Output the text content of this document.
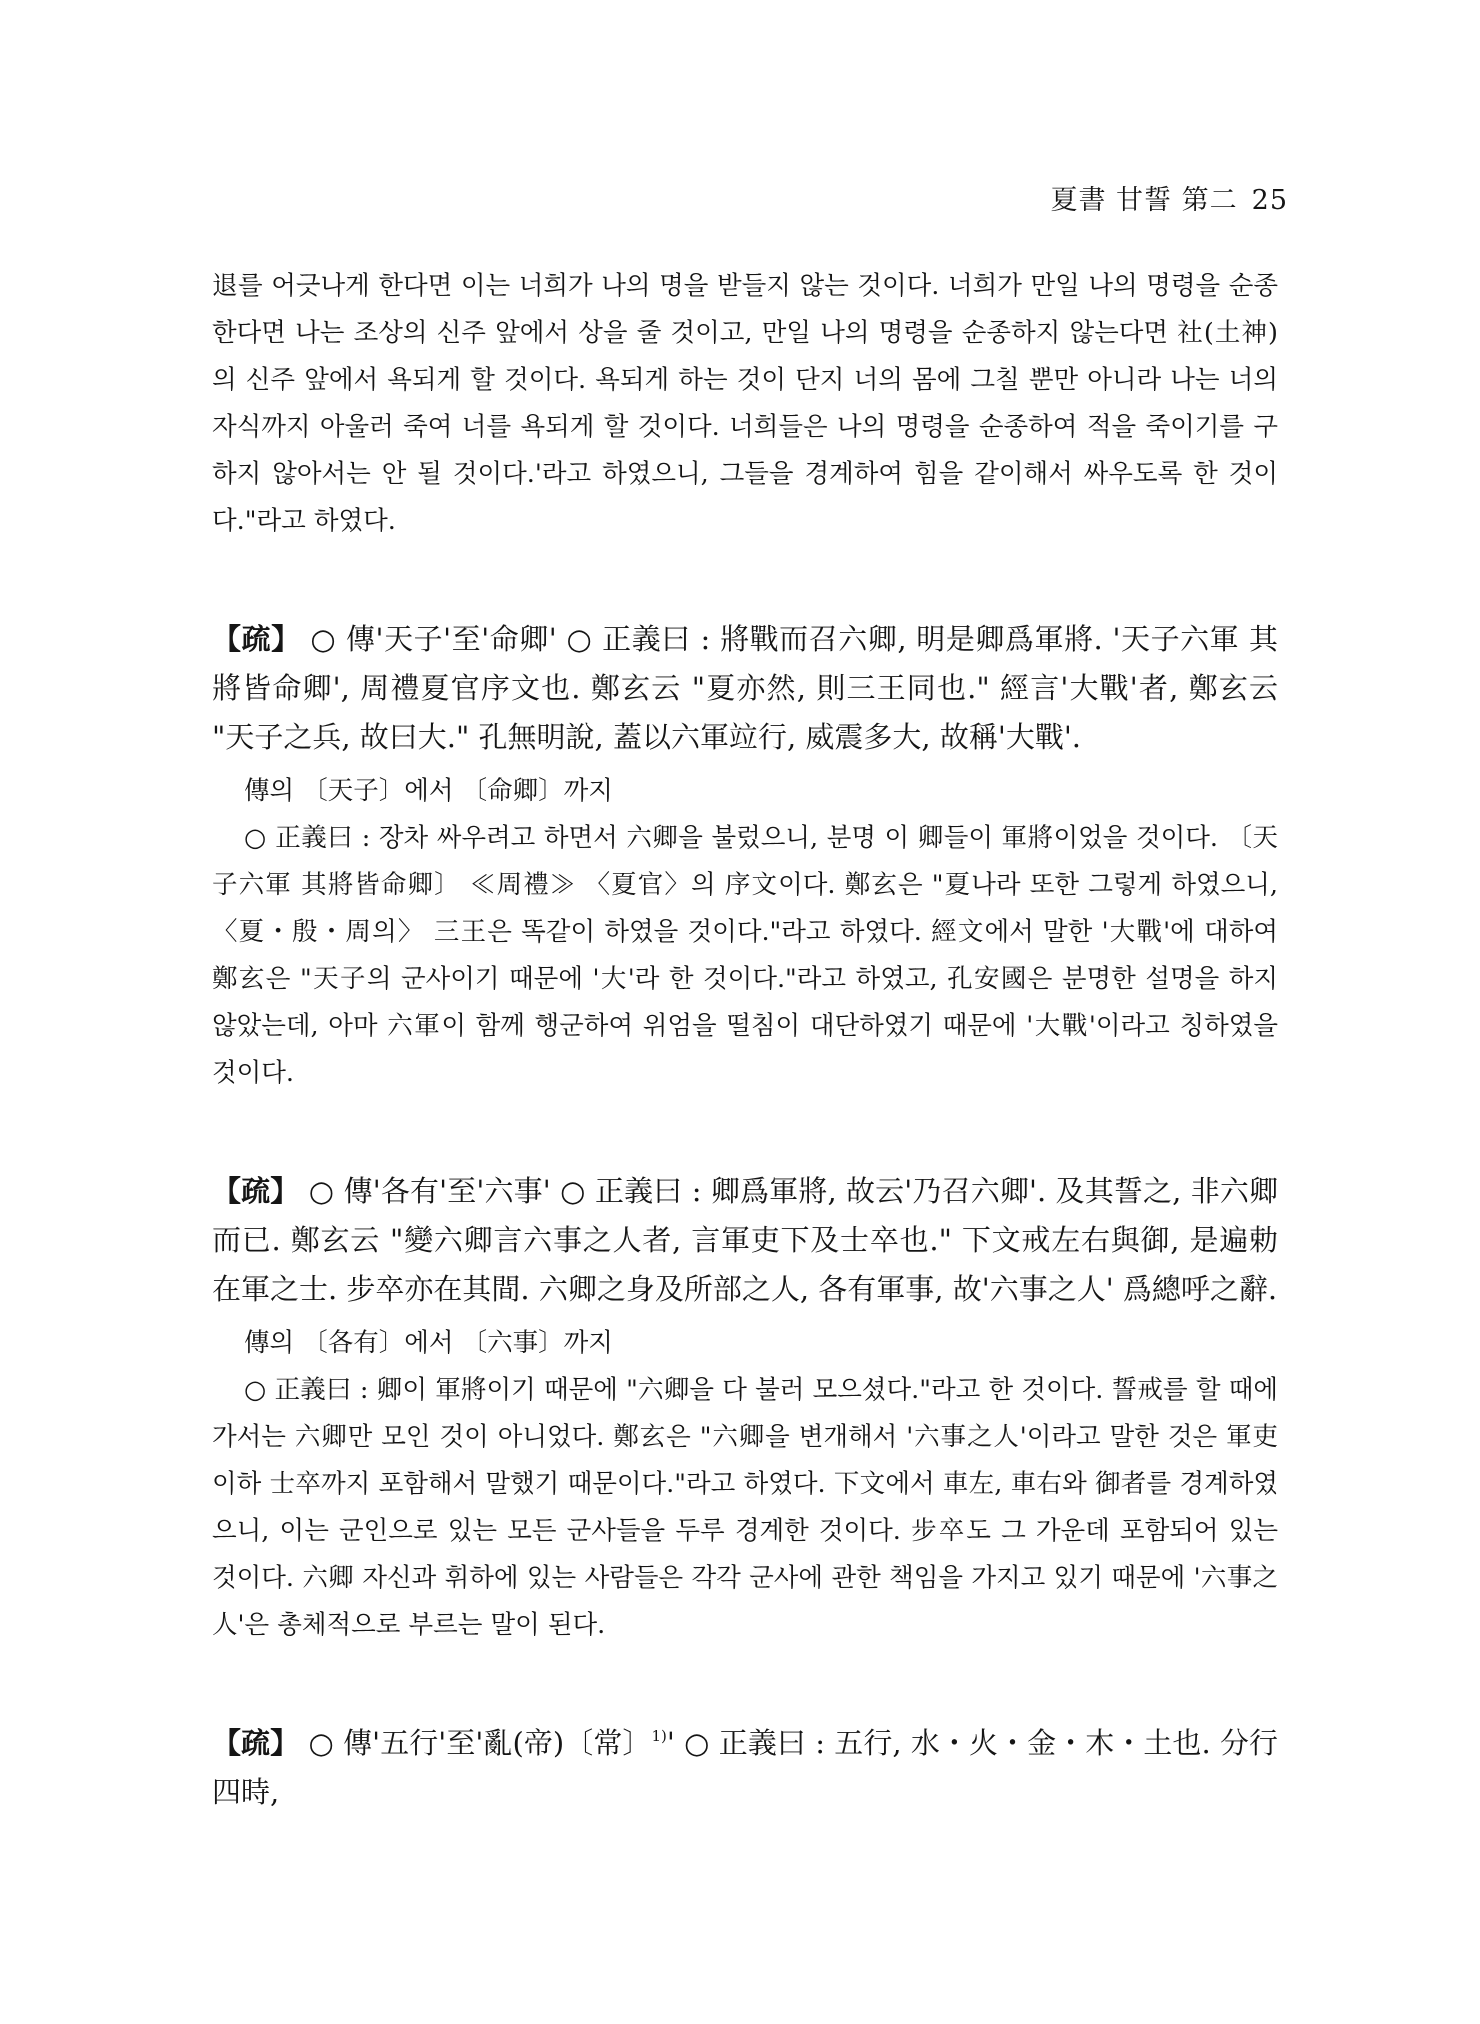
夏書 甘誓 第二 25

退를 어긋나게 한다면 이는 너희가 나의 명을 받들지 않는 것이다. 너희가 만일 나의 명령을 순종한다면 나는 조상의 신주 앞에서 상을 줄 것이고, 만일 나의 명령을 순종하지 않는다면 社(土神)의 신주 앞에서 욕되게 할 것이다. 욕되게 하는 것이 단지 너의 몸에 그칠 뿐만 아니라 나는 너의 자식까지 아울러 죽여 너를 욕되게 할 것이다. 너희들은 나의 명령을 순종하여 적을 죽이기를 구하지 않아서는 안 될 것이다.'라고 하였으니, 그들을 경계하여 힘을 같이해서 싸우도록 한 것이다."라고 하였다.

【疏】 ○ 傳'天子'至'命卿' ○ 正義曰 : 將戰而召六卿, 明是卿爲軍將. '天子六軍 其將皆命卿', 周禮夏官序文也. 鄭玄云 "夏亦然, 則三王同也." 經言'大戰'者, 鄭玄云 "天子之兵, 故曰大." 孔無明說, 蓋以六軍竝行, 威震多大, 故稱'大戰'.

傳의 〔天子〕에서 〔命卿〕까지

○ 正義曰 : 장차 싸우려고 하면서 六卿을 불렀으니, 분명 이 卿들이 軍將이었을 것이다. 〔天子六軍 其將皆命卿〕 ≪周禮≫ 〈夏官〉의 序文이다. 鄭玄은 "夏나라 또한 그렇게 하였으니, 〈夏・殷・周의〉 三王은 똑같이 하였을 것이다."라고 하였다. 經文에서 말한 '大戰'에 대하여 鄭玄은 "天子의 군사이기 때문에 '大'라 한 것이다."라고 하였고, 孔安國은 분명한 설명을 하지 않았는데, 아마 六軍이 함께 행군하여 위엄을 떨침이 대단하였기 때문에 '大戰'이라고 칭하였을 것이다.

【疏】 ○ 傳'各有'至'六事' ○ 正義曰 : 卿爲軍將, 故云'乃召六卿'. 及其誓之, 非六卿而已. 鄭玄云 "變六卿言六事之人者, 言軍吏下及士卒也." 下文戒左右與御, 是遍勅在軍之士. 步卒亦在其間. 六卿之身及所部之人, 各有軍事, 故'六事之人' 爲總呼之辭.

傳의 〔各有〕에서 〔六事〕까지

○ 正義曰 : 卿이 軍將이기 때문에 "六卿을 다 불러 모으셨다."라고 한 것이다. 誓戒를 할 때에 가서는 六卿만 모인 것이 아니었다. 鄭玄은 "六卿을 변개해서 '六事之人'이라고 말한 것은 軍吏 이하 士卒까지 포함해서 말했기 때문이다."라고 하였다. 下文에서 車左, 車右와 御者를 경계하였으니, 이는 군인으로 있는 모든 군사들을 두루 경계한 것이다. 步卒도 그 가운데 포함되어 있는 것이다. 六卿 자신과 휘하에 있는 사람들은 각각 군사에 관한 책임을 가지고 있기 때문에 '六事之人'은 총체적으로 부르는 말이 된다.

【疏】 ○ 傳'五行'至'亂(帝)〔常〕$^{1)}$' ○ 正義曰 : 五行, 水・火・金・木・土也. 分行四時,
